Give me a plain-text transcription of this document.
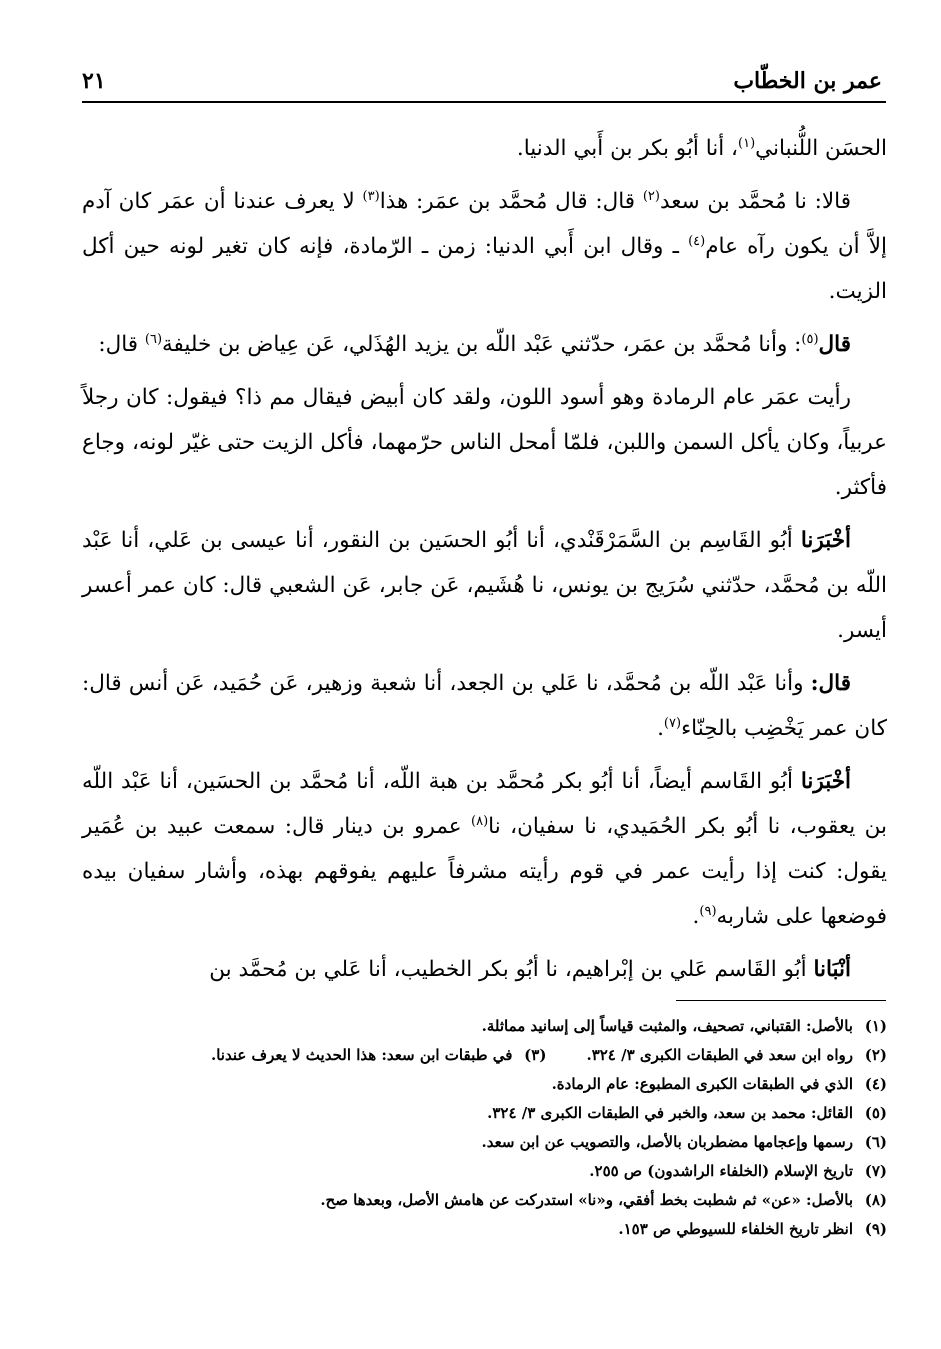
عمر بن الخطّاب
٢١

الحسَن اللُّنباني$^{(١)}$، أنا أبُو بكر بن أَبي الدنيا.

قالا: نا مُحمَّد بن سعد$^{(٢)}$ قال: قال مُحمَّد بن عمَر: هذا$^{(٣)}$ لا يعرف عندنا أن عمَر كان آدم إلاَّ أن يكون رآه عام$^{(٤)}$ ـ وقال ابن أَبي الدنيا: زمن ـ الرّمادة، فإنه كان تغير لونه حين أكل الزيت.

قال$^{(٥)}$: وأنا مُحمَّد بن عمَر، حدّثني عَبْد اللّه بن يزيد الهُذَلي، عَن عِياض بن خليفة$^{(٦)}$ قال:

رأيت عمَر عام الرمادة وهو أسود اللون، ولقد كان أبيض فيقال مم ذا؟ فيقول: كان رجلاً عربياً، وكان يأكل السمن واللبن، فلمّا أمحل الناس حرّمهما، فأكل الزيت حتى غيّر لونه، وجاع فأكثر.

أخْبَرَنا أبُو القَاسِم بن السَّمَرْقَنْدي، أنا أبُو الحسَين بن النقور، أنا عيسى بن عَلي، أنا عَبْد اللّه بن مُحمَّد، حدّثني سُرَيج بن يونس، نا هُشَيم، عَن جابر، عَن الشعبي قال: كان عمر أعسر أيسر.

قال: وأنا عَبْد اللّه بن مُحمَّد، نا عَلي بن الجعد، أنا شعبة وزهير، عَن حُمَيد، عَن أنس قال: كان عمر يَخْضِب بالحِنّاء$^{(٧)}$.

أخْبَرَنا أبُو القَاسم أيضاً، أنا أبُو بكر مُحمَّد بن هبة اللّه، أنا مُحمَّد بن الحسَين، أنا عَبْد اللّه بن يعقوب، نا أبُو بكر الحُمَيدي، نا سفيان، نا$^{(٨)}$ عمرو بن دينار قال: سمعت عبيد بن عُمَير يقول: كنت إذا رأيت عمر في قوم رأيته مشرفاً عليهم يفوقهم بهذه، وأشار سفيان بيده فوضعها على شاربه$^{(٩)}$.

أنْبَانا أبُو القَاسم عَلي بن إبْراهيم، نا أبُو بكر الخطيب، أنا عَلي بن مُحمَّد بن

(١)بالأصل: القتباني، تصحيف، والمثبت قياساً إلى إسانيد مماثلة.
(٢)رواه ابن سعد في الطبقات الكبرى ٣/ ٣٢٤.(٣)في طبقات ابن سعد: هذا الحديث لا يعرف عندنا.
(٤)الذي في الطبقات الكبرى المطبوع: عام الرمادة.
(٥)القائل: محمد بن سعد، والخبر في الطبقات الكبرى ٣/ ٣٢٤.
(٦)رسمها وإعجامها مضطربان بالأصل، والتصويب عن ابن سعد.
(٧)تاريخ الإسلام (الخلفاء الراشدون) ص ٢٥٥.
(٨)بالأصل: «عن» ثم شطبت بخط أفقي، و«نا» استدركت عن هامش الأصل، وبعدها صح.
(٩)انظر تاريخ الخلفاء للسيوطي ص ١٥٣.
